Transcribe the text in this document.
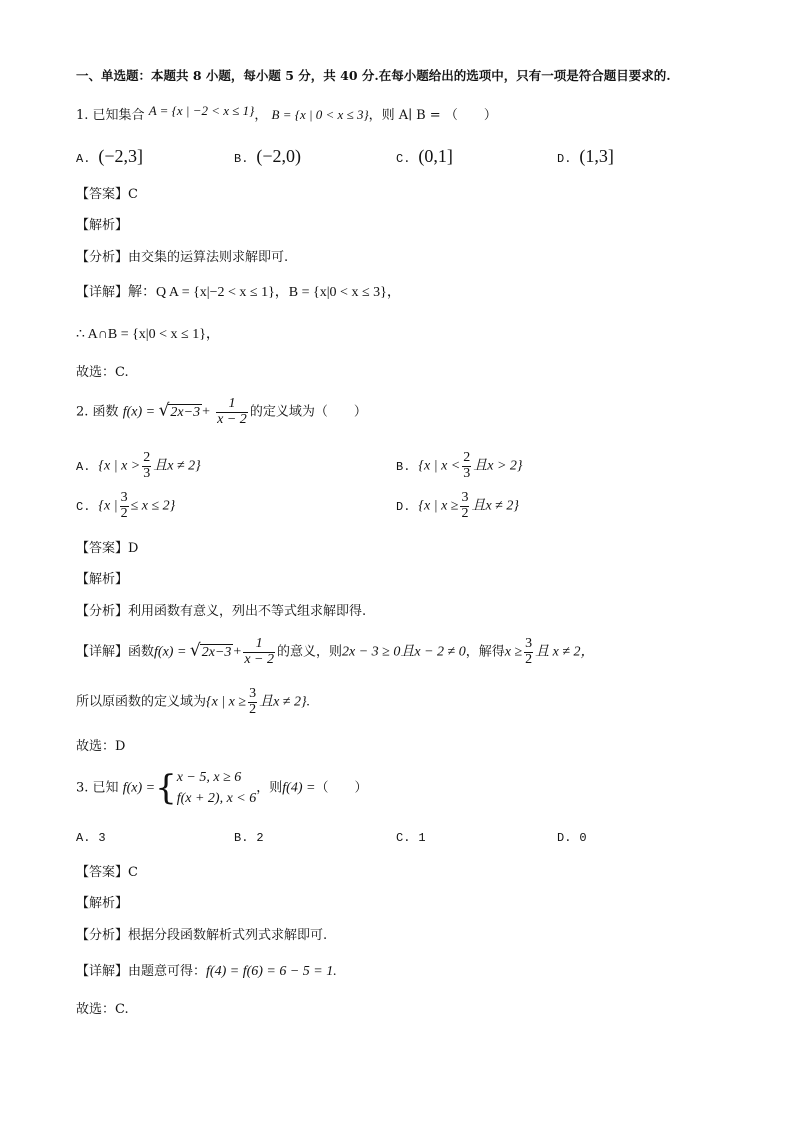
一、单选题：本题共 8 小题，每小题 5 分，共 40 分.在每小题给出的选项中，只有一项是符合题目要求的.
1. 已知集合 A = {x | −2 < x ≤ 1}， B = {x | 0 < x ≤ 3}，则 A∣ B = （　　）
A. (−2,3]	B. (−2,0)	C. (0,1]	D. (1,3]
【答案】C
【解析】
【分析】由交集的运算法则求解即可.
【详解】解：Q A = {x|−2 < x ≤ 1}，B = {x|0 < x ≤ 3}，
∴ A∩B = {x|0 < x ≤ 1}，
故选：C.
2. 函数 $f(x) = √2x-3 + \frac{1}{x - 2}$ 的定义域为（　　）
A. {x | $x > \frac{2}{3}$ 且x ≠ 2}	B. {x | $x < \frac{2}{3}$ 且x > 2}
C. {x | $\frac{3}{2} \le x \le 2$}	D. {x | $x \ge \frac{3}{2}$ 且x ≠ 2}
【答案】D
【解析】
【分析】利用函数有意义，列出不等式组求解即得.
【详解】函数$f(x) = √2x-3 + \frac{1}{x - 2}$ 的意义，则2x − 3 ≥ 0且x − 2 ≠ 0，解得$x \ge \frac{3}{2}$ 且 x ≠ 2，
所以原函数的定义域为{x | $x \ge \frac{3}{2}$ 且x ≠ 2}.
故选：D
3. 已知 f(x) ={ x − 5, x ≥ 6
f(x + 2), x < 6
，则f(4) =（　　）
A. 3	B. 2	C. 1	D. 0
【答案】C
【解析】
【分析】根据分段函数解析式列式求解即可.
【详解】由题意可得：f(4) = f(6) = 6 − 5 = 1.
故选：C.
